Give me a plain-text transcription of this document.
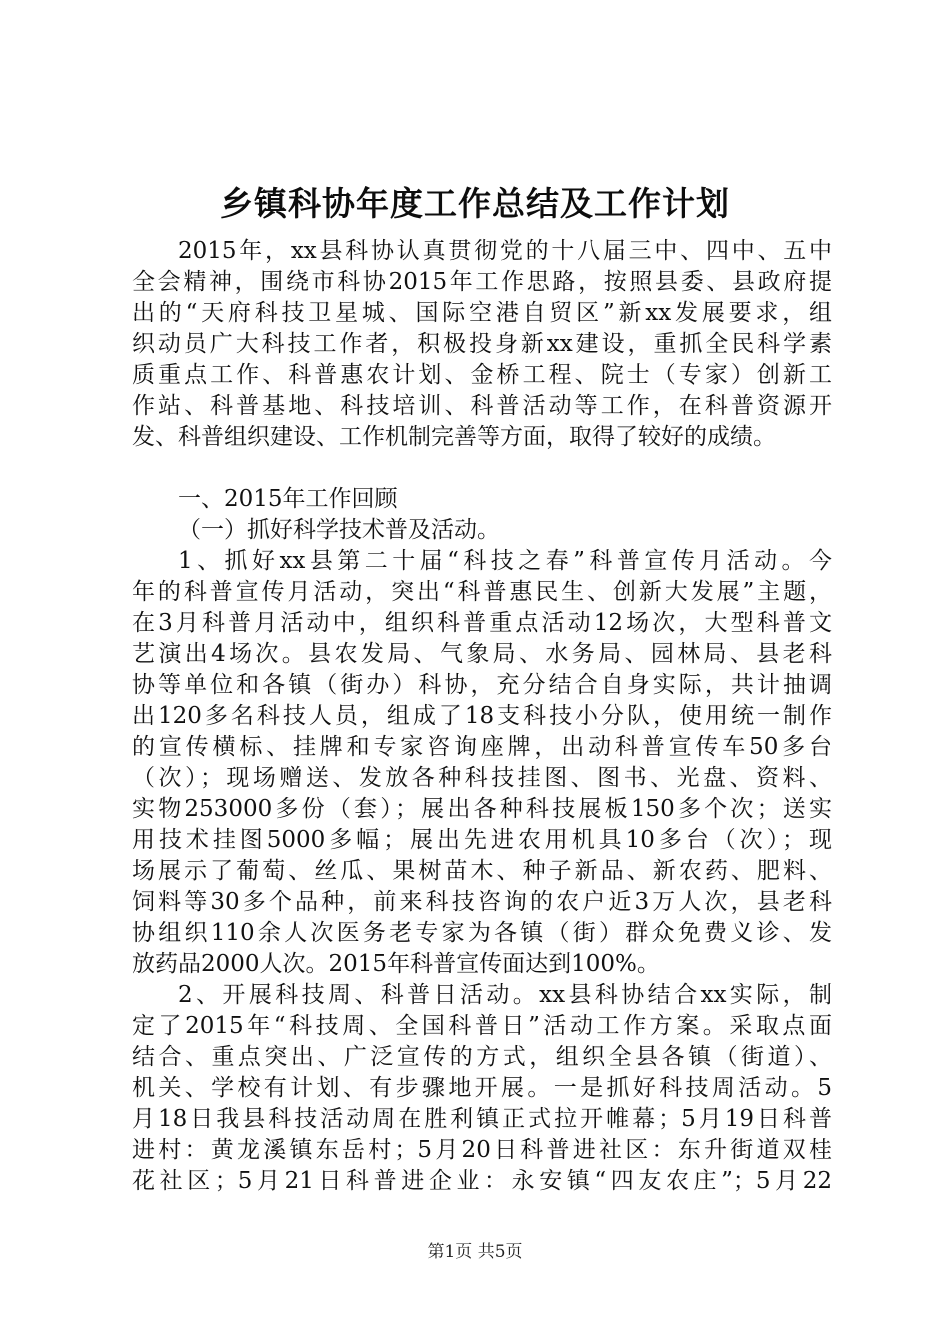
乡镇科协年度工作总结及工作计划
2015年，xx县科协认真贯彻党的十八届三中、四中、五中
全会精神，围绕市科协2015年工作思路，按照县委、县政府提
出的“天府科技卫星城、国际空港自贸区”新xx发展要求，组
织动员广大科技工作者，积极投身新xx建设，重抓全民科学素
质重点工作、科普惠农计划、金桥工程、院士（专家）创新工
作站、科普基地、科技培训、科普活动等工作，在科普资源开
发、科普组织建设、工作机制完善等方面，取得了较好的成绩。
一、2015年工作回顾
（一）抓好科学技术普及活动。
1、抓好xx县第二十届“科技之春”科普宣传月活动。今
年的科普宣传月活动，突出“科普惠民生、创新大发展”主题，
在3月科普月活动中，组织科普重点活动12场次，大型科普文
艺演出4场次。县农发局、气象局、水务局、园林局、县老科
协等单位和各镇（街办）科协，充分结合自身实际，共计抽调
出120多名科技人员，组成了18支科技小分队，使用统一制作
的宣传横标、挂牌和专家咨询座牌，出动科普宣传车50多台
（次）；现场赠送、发放各种科技挂图、图书、光盘、资料、
实物253000多份（套）；展出各种科技展板150多个次；送实
用技术挂图5000多幅；展出先进农用机具10多台（次）；现
场展示了葡萄、丝瓜、果树苗木、种子新品、新农药、肥料、
饲料等30多个品种，前来科技咨询的农户近3万人次，县老科
协组织110余人次医务老专家为各镇（街）群众免费义诊、发
放药品2000人次。2015年科普宣传面达到100%。
2、开展科技周、科普日活动。xx县科协结合xx实际，制
定了2015年“科技周、全国科普日”活动工作方案。采取点面
结合、重点突出、广泛宣传的方式，组织全县各镇（街道）、
机关、学校有计划、有步骤地开展。一是抓好科技周活动。5
月18日我县科技活动周在胜利镇正式拉开帷幕；5月19日科普
进村：黄龙溪镇东岳村；5月20日科普进社区：东升街道双桂
花社区；5月21日科普进企业：永安镇“四友农庄”；5月22
第1页 共5页
